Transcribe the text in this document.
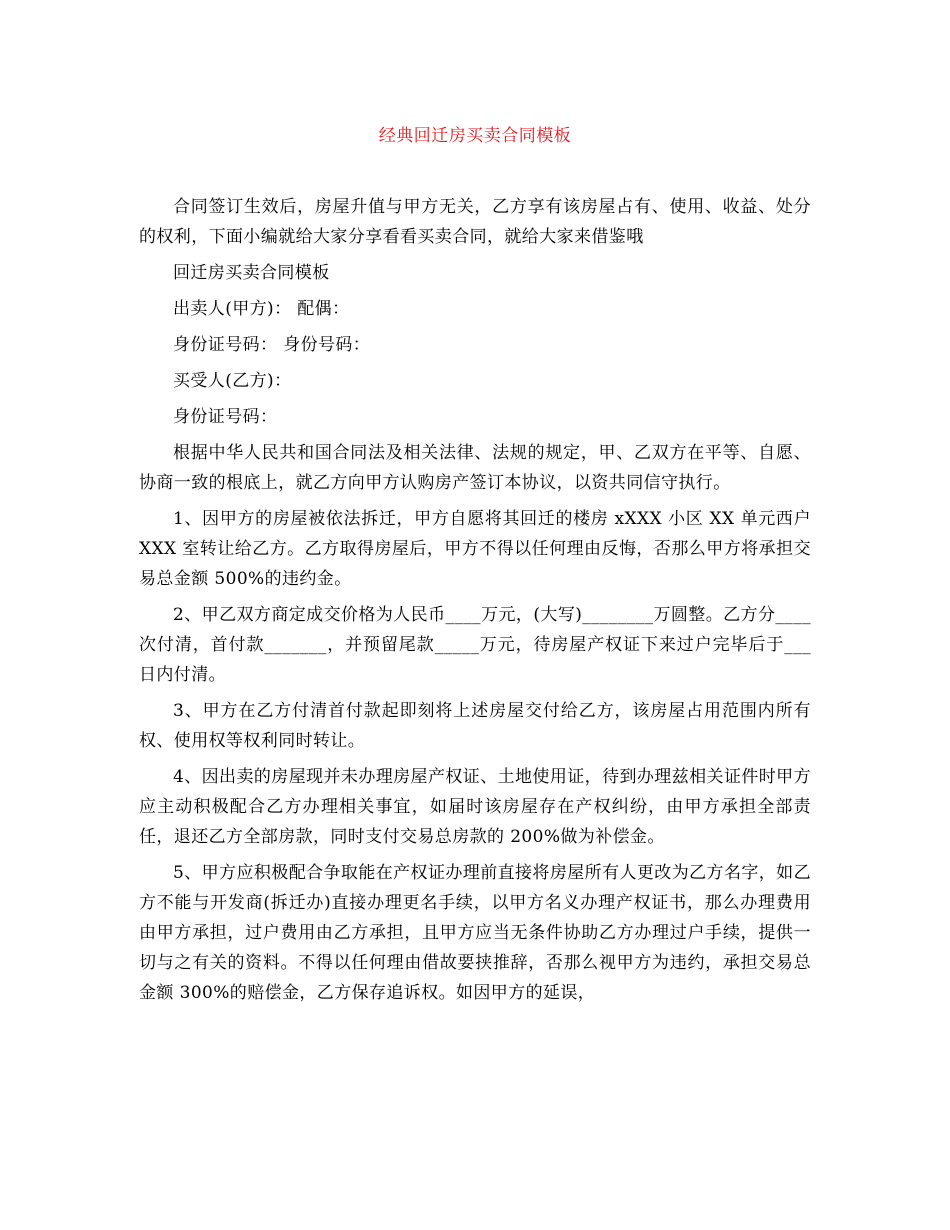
经典回迁房买卖合同模板

合同签订生效后，房屋升值与甲方无关，乙方享有该房屋占有、使用、收益、处分的权利，下面小编就给大家分享看看买卖合同，就给大家来借鉴哦

回迁房买卖合同模板

出卖人(甲方)： 配偶：

身份证号码： 身份号码：

买受人(乙方)：

身份证号码：

根据中华人民共和国合同法及相关法律、法规的规定，甲、乙双方在平等、自愿、协商一致的根底上，就乙方向甲方认购房产签订本协议，以资共同信守执行。

1、因甲方的房屋被依法拆迁，甲方自愿将其回迁的楼房 xXXX 小区 XX 单元西户 XXX 室转让给乙方。乙方取得房屋后，甲方不得以任何理由反悔，否那么甲方将承担交易总金额 500%的违约金。

2、甲乙双方商定成交价格为人民币____万元，(大写)________万圆整。乙方分____次付清，首付款_______，并预留尾款_____万元，待房屋产权证下来过户完毕后于___日内付清。

3、甲方在乙方付清首付款起即刻将上述房屋交付给乙方，该房屋占用范围内所有权、使用权等权利同时转让。

4、因出卖的房屋现并未办理房屋产权证、土地使用证，待到办理兹相关证件时甲方应主动积极配合乙方办理相关事宜，如届时该房屋存在产权纠纷，由甲方承担全部责任，退还乙方全部房款，同时支付交易总房款的 200%做为补偿金。

5、甲方应积极配合争取能在产权证办理前直接将房屋所有人更改为乙方名字，如乙方不能与开发商(拆迁办)直接办理更名手续，以甲方名义办理产权证书，那么办理费用由甲方承担，过户费用由乙方承担，且甲方应当无条件协助乙方办理过户手续，提供一切与之有关的资料。不得以任何理由借故要挟推辞，否那么视甲方为违约，承担交易总金额 300%的赔偿金，乙方保存追诉权。如因甲方的延误，
